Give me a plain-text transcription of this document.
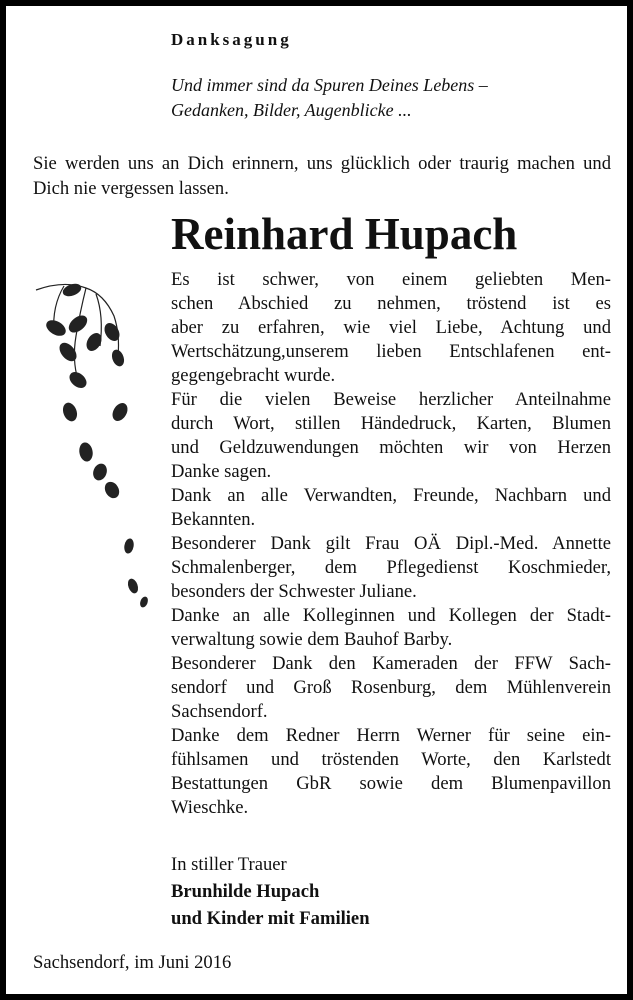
Danksagung
Und immer sind da Spuren Deines Lebens –
Gedanken, Bilder, Augenblicke ...
Sie werden uns an Dich erinnern, uns glücklich oder traurig machen und Dich nie vergessen lassen.
Reinhard Hupach
Es ist schwer, von einem geliebten Men-
schen Abschied zu nehmen, tröstend ist es
aber zu erfahren, wie viel Liebe, Achtung und
Wertschätzung,unserem lieben Entschlafenen ent-
gegengebracht wurde.
Für die vielen Beweise herzlicher Anteilnahme
durch Wort, stillen Händedruck, Karten, Blumen
und Geldzuwendungen möchten wir von Herzen
Danke sagen.
Dank an alle Verwandten, Freunde, Nachbarn und
Bekannten.
Besonderer Dank gilt Frau OÄ Dipl.-Med. Annette
Schmalenberger, dem Pflegedienst Koschmieder,
besonders der Schwester Juliane.
Danke an alle Kolleginnen und Kollegen der Stadt-
verwaltung sowie dem Bauhof Barby.
Besonderer Dank den Kameraden der FFW Sach-
sendorf und Groß Rosenburg, dem Mühlenverein
Sachsendorf.
Danke dem Redner Herrn Werner für seine ein-
fühlsamen und tröstenden Worte, den Karlstedt
Bestattungen GbR sowie dem Blumenpavillon
Wieschke.
In stiller Trauer
Brunhilde Hupach
und Kinder mit Familien
Sachsendorf, im Juni 2016
